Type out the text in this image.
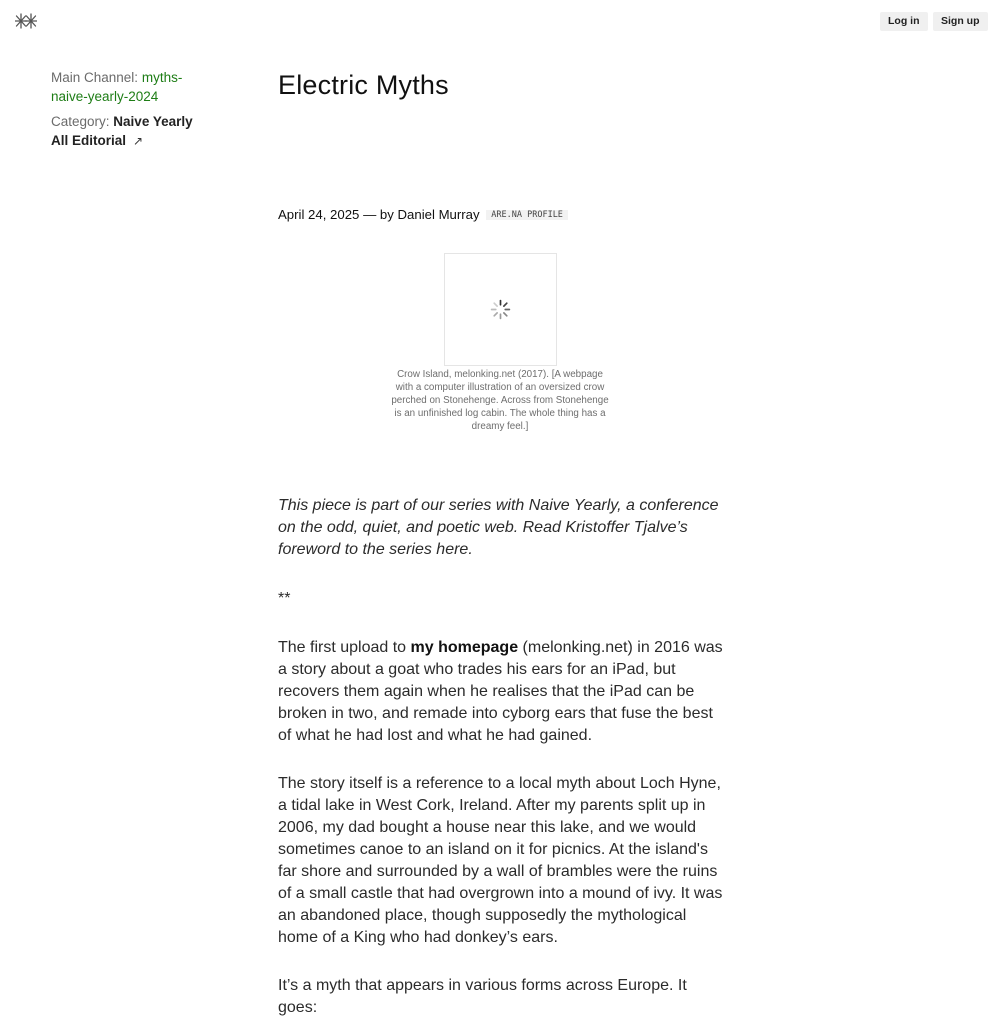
Log in	Sign up
Main Channel: myths-naive-yearly-2024
Category: Naive Yearly All Editorial ↗
Electric Myths
April 24, 2025 — by Daniel Murray ARE.NA PROFILE
Crow Island, melonking.net (2017). [A webpage with a computer illustration of an oversized crow perched on Stonehenge. Across from Stonehenge is an unfinished log cabin. The whole thing has a dreamy feel.]
This piece is part of our series with Naive Yearly, a conference on the odd, quiet, and poetic web. Read Kristoffer Tjalve’s foreword to the series here.
**
The first upload to my homepage (melonking.net) in 2016 was a story about a goat who trades his ears for an iPad, but recovers them again when he realises that the iPad can be broken in two, and remade into cyborg ears that fuse the best of what he had lost and what he had gained.
The story itself is a reference to a local myth about Loch Hyne, a tidal lake in West Cork, Ireland. After my parents split up in 2006, my dad bought a house near this lake, and we would sometimes canoe to an island on it for picnics. At the island's far shore and surrounded by a wall of brambles were the ruins of a small castle that had overgrown into a mound of ivy. It was an abandoned place, though supposedly the mythological home of a King who had donkey’s ears.
It’s a myth that appears in various forms across Europe. It goes:
